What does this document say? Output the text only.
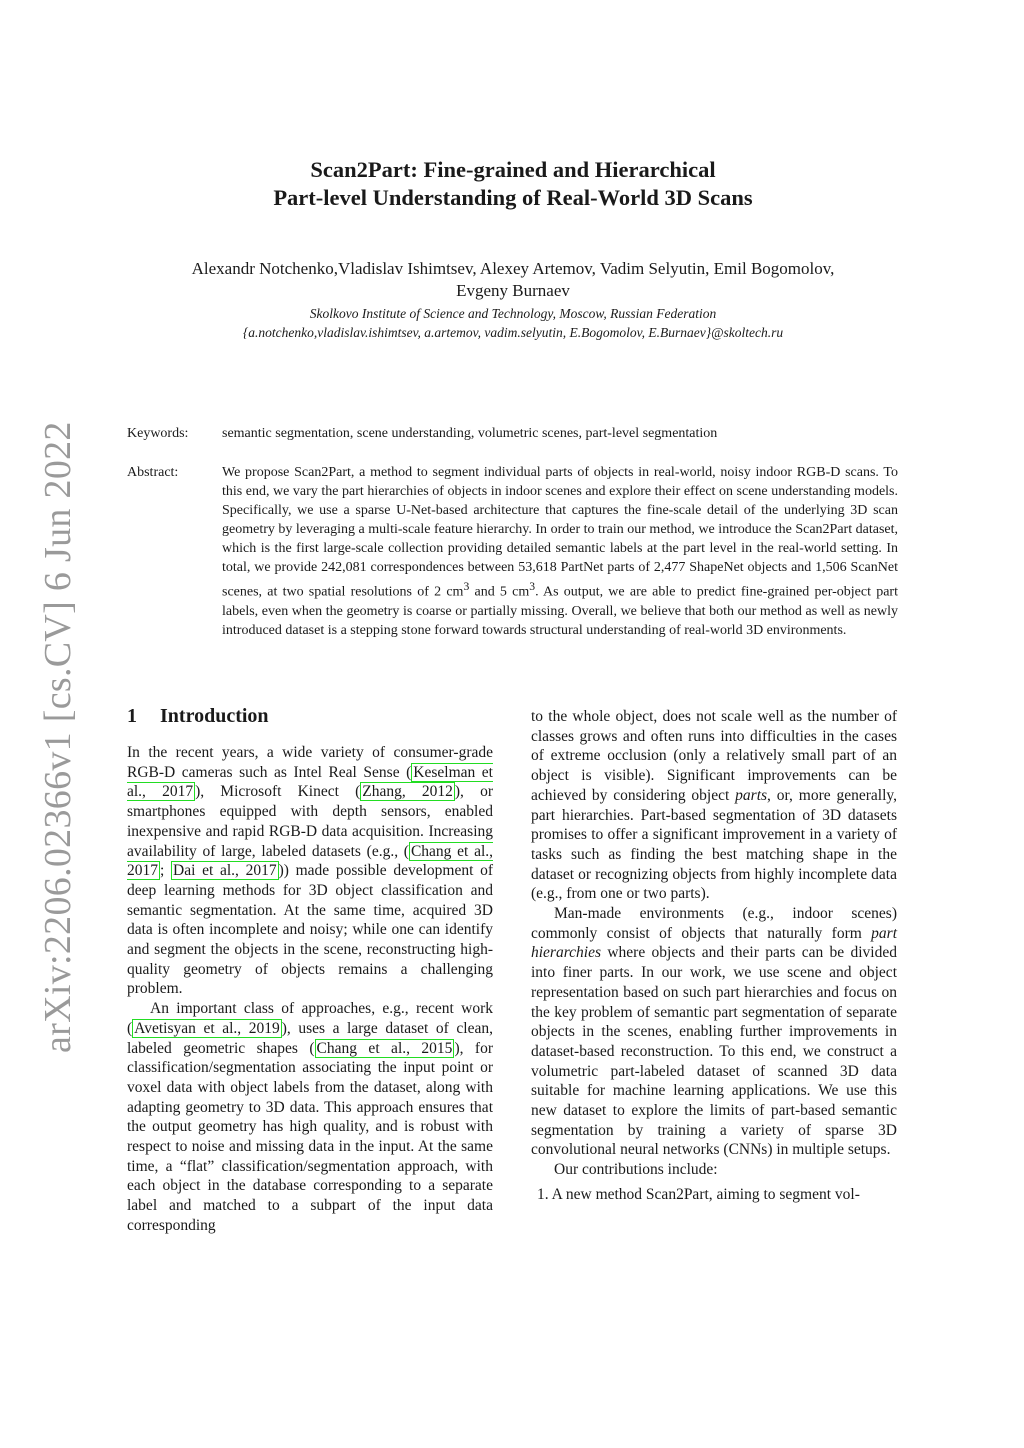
arXiv:2206.02366v1 [cs.CV] 6 Jun 2022
Scan2Part: Fine-grained and Hierarchical
Part-level Understanding of Real-World 3D Scans
Alexandr Notchenko,Vladislav Ishimtsev, Alexey Artemov, Vadim Selyutin, Emil Bogomolov,
Evgeny Burnaev
Skolkovo Institute of Science and Technology, Moscow, Russian Federation
{a.notchenko,vladislav.ishimtsev, a.artemov, vadim.selyutin, E.Bogomolov, E.Burnaev}@skoltech.ru
Keywords: semantic segmentation, scene understanding, volumetric scenes, part-level segmentation
Abstract:	We propose Scan2Part, a method to segment individual parts of objects in real-world, noisy indoor RGB-D scans. To this end, we vary the part hierarchies of objects in indoor scenes and explore their effect on scene understanding models. Specifically, we use a sparse U-Net-based architecture that captures the fine-scale detail of the underlying 3D scan geometry by leveraging a multi-scale feature hierarchy. In order to train our method, we introduce the Scan2Part dataset, which is the first large-scale collection providing detailed semantic labels at the part level in the real-world setting. In total, we provide 242,081 correspondences between 53,618 PartNet parts of 2,477 ShapeNet objects and 1,506 ScanNet scenes, at two spatial resolutions of 2 $cm^3$ and 5 $cm^3$. As output, we are able to predict fine-grained per-object part labels, even when the geometry is coarse or partially missing. Overall, we believe that both our method as well as newly introduced dataset is a stepping stone forward towards structural understanding of real-world 3D environments.

1 Introduction

In the recent years, a wide variety of consumer-grade RGB-D cameras such as Intel Real Sense ( Keselman et al., 2017 ), Microsoft Kinect ( Zhang, 2012 ), or smartphones equipped with depth sensors, enabled inexpensive and rapid RGB-D data acquisition. Increasing availability of large, labeled datasets (e.g., ( Chang et al., 2017 ; Dai et al., 2017 )) made possible development of deep learning methods for 3D object classification and semantic segmentation. At the same time, acquired 3D data is often incomplete and noisy; while one can identify and segment the objects in the scene, reconstructing high-quality geometry of objects remains a challenging problem.

An important class of approaches, e.g., recent work ( Avetisyan et al., 2019 ), uses a large dataset of clean, labeled geometric shapes ( Chang et al., 2015 ), for classification/segmentation associating the input point or voxel data with object labels from the dataset, along with adapting geometry to 3D data. This approach ensures that the output geometry has high quality, and is robust with respect to noise and missing data in the input. At the same time, a “flat” classification/segmentation approach, with each object in the database corresponding to a separate label and matched to a subpart of the input data corresponding

to the whole object, does not scale well as the number of classes grows and often runs into difficulties in the cases of extreme occlusion (only a relatively small part of an object is visible). Significant improvements can be achieved by considering object parts, or, more generally, part hierarchies. Part-based segmentation of 3D datasets promises to offer a significant improvement in a variety of tasks such as finding the best matching shape in the dataset or recognizing objects from highly incomplete data (e.g., from one or two parts).

Man-made environments (e.g., indoor scenes) commonly consist of objects that naturally form part hierarchies where objects and their parts can be divided into finer parts. In our work, we use scene and object representation based on such part hierarchies and focus on the key problem of semantic part segmentation of separate objects in the scenes, enabling further improvements in dataset-based reconstruction. To this end, we construct a volumetric part-labeled dataset of scanned 3D data suitable for machine learning applications. We use this new dataset to explore the limits of part-based semantic segmentation by training a variety of sparse 3D convolutional neural networks (CNNs) in multiple setups.

Our contributions include:

1. A new method Scan2Part, aiming to segment vol-
